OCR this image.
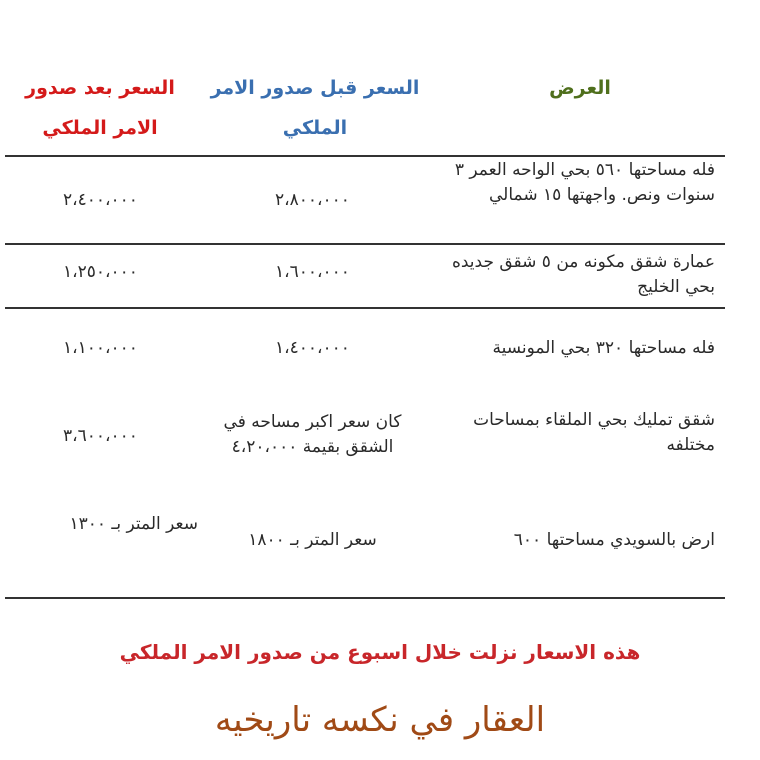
العرض
السعر قبل صدور الامر الملكي
السعر بعد صدور الامر الملكي
فله مساحتها ٥٦٠ بحي الواحه العمر ٣ سنوات ونص. واجهتها ١٥ شمالي
٢،٨٠٠،٠٠٠
٢،٤٠٠،٠٠٠
عمارة شقق مكونه من ٥ شقق جديده بحي الخليج
١،٦٠٠،٠٠٠
١،٢٥٠،٠٠٠
فله مساحتها ٣٢٠ بحي المونسية
١،٤٠٠،٠٠٠
١،١٠٠،٠٠٠
شقق تمليك بحي الملقاء بمساحات مختلفه
كان سعر اكبر مساحه في الشقق بقيمة ٤،٢٠،٠٠٠
٣،٦٠٠،٠٠٠
ارض بالسويدي مساحتها ٦٠٠
سعر المتر بـ ١٨٠٠
سعر المتر بـ ١٣٠٠
هذه الاسعار نزلت خلال اسبوع من صدور الامر الملكي
العقار في نكسه تاريخيه
